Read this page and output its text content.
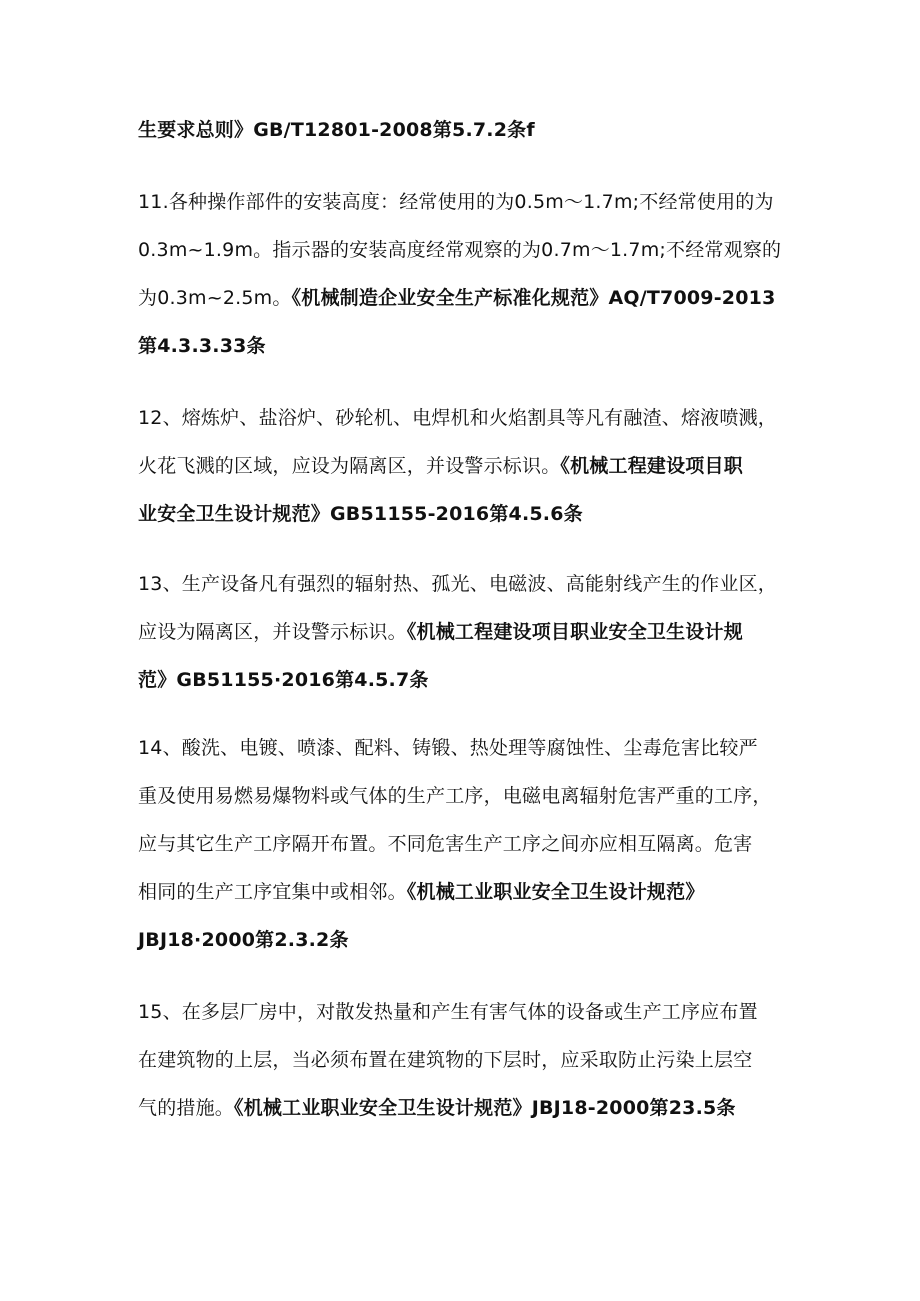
生要求总则》GB/T12801-2008第5.7.2条f

11.各种操作部件的安装高度：经常使用的为0.5m～1.7m;不经常使用的为
0.3m~1.9m。指示器的安装高度经常观察的为0.7m～1.7m;不经常观察的
为0.3m~2.5m。《机械制造企业安全生产标准化规范》AQ/T7009-2013
第4.3.3.33条

12、熔炼炉、盐浴炉、砂轮机、电焊机和火焰割具等凡有融渣、熔液喷溅，
火花飞溅的区域，应设为隔离区，并设警示标识。《机械工程建设项目职
业安全卫生设计规范》GB51155-2016第4.5.6条

13、生产设备凡有强烈的辐射热、孤光、电磁波、高能射线产生的作业区，
应设为隔离区，并设警示标识。《机械工程建设项目职业安全卫生设计规
范》GB51155·2016第4.5.7条

14、酸洗、电镀、喷漆、配料、铸锻、热处理等腐蚀性、尘毒危害比较严
重及使用易燃易爆物料或气体的生产工序，电磁电离辐射危害严重的工序，
应与其它生产工序隔开布置。不同危害生产工序之间亦应相互隔离。危害
相同的生产工序宜集中或相邻。《机械工业职业安全卫生设计规范》
JBJ18·2000第2.3.2条

15、在多层厂房中，对散发热量和产生有害气体的设备或生产工序应布置
在建筑物的上层，当必须布置在建筑物的下层时，应采取防止污染上层空
气的措施。《机械工业职业安全卫生设计规范》JBJ18-2000第23.5条
